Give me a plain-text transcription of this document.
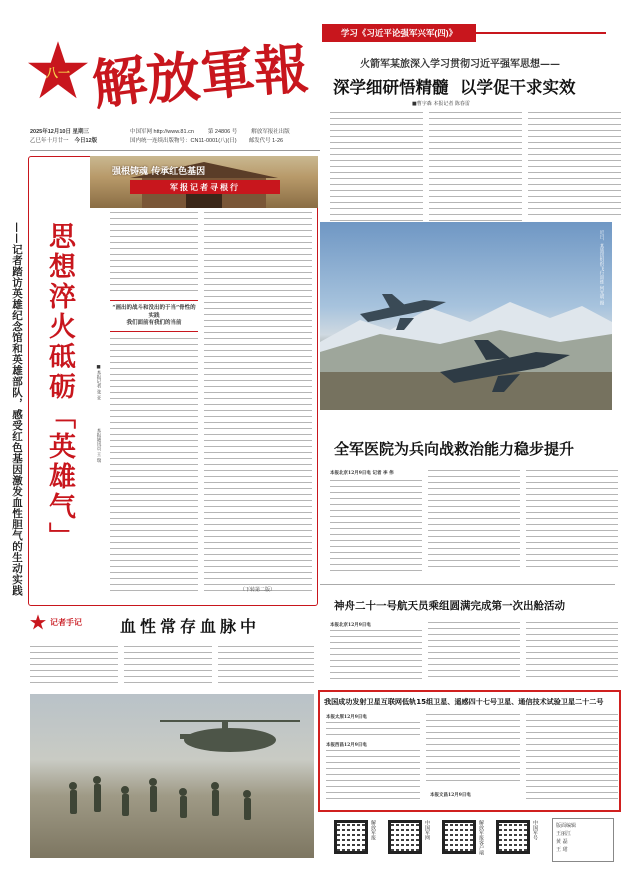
八一 解
放
軍
報
2025年12月10日 星期三
乙巳年十月廿一 今日12版
中国军网 http://www.81.cn	第 24806 号	解放军报社出版
国内统一连续出版物号：CN11-0001(八)(日) 邮发代号 1-26
学习《习近平论强军兴军(四)》
火箭军某旅深入学习贯彻习近平强军思想——
深学细研悟精髓  以学促干求实效
■曹宇森 本报记者 陈春雷
近日，某旅团组织飞行训练 何光明 摄
全军医院为兵向战救治能力稳步提升
本报北京12月9日电 记者 李 伟
神舟二十一号航天员乘组圆满完成第一次出舱活动
本报北京12月9日电
我国成功发射卫星互联网低轨15组卫星、遥感四十七号卫星、通信技术试验卫星二十二号
本报太原12月9日电
本报西昌12月9日电
本报文昌12月9日电
解放军报	中国军网	解放军报客户端	中国军号	版面编辑
王丽江
黄 磊
王 珺
强根铸魂 传承红色基因
军报记者寻根行
思想淬火砥砺「英雄气」
——记者踏访英雄纪念馆和英雄部队，感受红色基因激发血性胆气的生动实践	■本报记者 张 亚
本报通讯员 王 瑞
“画出的战斗和没出的于当”骨性的实践
我们面前有我们的当前
（下转第二版）
记者手记 血性常存血脉中
